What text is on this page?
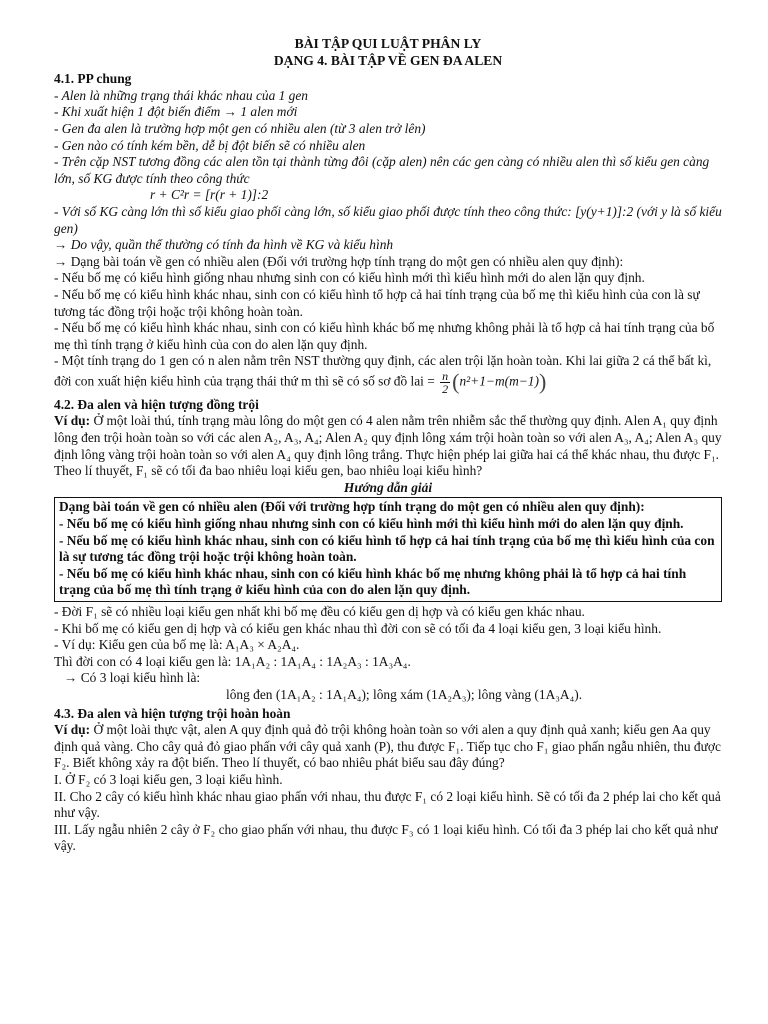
BÀI TẬP QUI LUẬT PHÂN LY

DẠNG 4. BÀI TẬP VỀ GEN ĐA ALEN

4.1. PP chung

- Alen là những trạng thái khác nhau của 1 gen

- Khi xuất hiện 1 đột biến điểm → 1 alen mới

- Gen đa alen là trường hợp một gen có nhiều alen (từ 3 alen trở lên)

- Gen nào có tính kém bền, dễ bị đột biến sẽ có nhiều alen

- Trên cặp NST tương đồng các alen tồn tại thành từng đôi (cặp alen) nên các gen càng có nhiều alen thì số kiểu gen càng lớn, số KG được tính theo công thức

r + C²r = [r(r + 1)]:2

- Với số KG càng lớn thì số kiểu giao phối càng lớn, số kiểu giao phối được tính theo công thức: [y(y+1)]:2 (với y là số kiểu gen)

→ Do vậy, quần thể thường có tính đa hình về KG và kiểu hình

→ Dạng bài toán về gen có nhiều alen (Đối với trường hợp tính trạng do một gen có nhiều alen quy định):

- Nếu bố mẹ có kiểu hình giống nhau nhưng sinh con có kiểu hình mới thì kiểu hình mới do alen lặn quy định.

- Nếu bố mẹ có kiểu hình khác nhau, sinh con có kiểu hình tổ hợp cả hai tính trạng của bố mẹ thì kiểu hình của con là sự tương tác đồng trội hoặc trội không hoàn toàn.

- Nếu bố mẹ có kiểu hình khác nhau, sinh con có kiểu hình khác bố mẹ nhưng không phải là tổ hợp cả hai tính trạng của bố mẹ thì tính trạng ở kiểu hình của con do alen lặn quy định.

- Một tính trạng do 1 gen có n alen nằm trên NST thường quy định, các alen trội lặn hoàn toàn. Khi lai giữa 2 cá thể bất kì, đời con xuất hiện kiểu hình của trạng thái thứ m thì sẽ có số sơ đồ lai = $\frac{n}{2} (n^2+1-m(m-1))$

4.2. Đa alen và hiện tượng đồng trội

Ví dụ: Ở một loài thú, tính trạng màu lông do một gen có 4 alen nằm trên nhiễm sắc thể thường quy định. Alen A₁ quy định lông đen trội hoàn toàn so với các alen A₂, A₃, A₄; Alen A₂ quy định lông xám trội hoàn toàn so với alen A₃, A₄; Alen A₃ quy định lông vàng trội hoàn toàn so với alen A₄ quy định lông trắng. Thực hiện phép lai giữa hai cá thể khác nhau, thu được F₁. Theo lí thuyết, F₁ sẽ có tối đa bao nhiêu loại kiểu gen, bao nhiêu loại kiểu hình?

Hướng dẫn giải

Dạng bài toán về gen có nhiều alen (Đối với trường hợp tính trạng do một gen có nhiều alen quy định):

- Nếu bố mẹ có kiểu hình giống nhau nhưng sinh con có kiểu hình mới thì kiểu hình mới do alen lặn quy định.

- Nếu bố mẹ có kiểu hình khác nhau, sinh con có kiểu hình tổ hợp cả hai tính trạng của bố mẹ thì kiểu hình của con là sự tương tác đồng trội hoặc trội không hoàn toàn.

- Nếu bố mẹ có kiểu hình khác nhau, sinh con có kiểu hình khác bố mẹ nhưng không phải là tổ hợp cả hai tính trạng của bố mẹ thì tính trạng ở kiểu hình của con do alen lặn quy định.

- Đời F₁ sẽ có nhiều loại kiểu gen nhất khi bố mẹ đều có kiểu gen dị hợp và có kiểu gen khác nhau.

- Khi bố mẹ có kiểu gen dị hợp và có kiểu gen khác nhau thì đời con sẽ có tối đa 4 loại kiểu gen, 3 loại kiểu hình.

- Ví dụ: Kiểu gen của bố mẹ là: A₁A₃ × A₂A₄.

Thì đời con có 4 loại kiểu gen là: 1A₁A₂ : 1A₁A₄ : 1A₂A₃ : 1A₃A₄.

→ Có 3 loại kiểu hình là:

lông đen (1A₁A₂ : 1A₁A₄); lông xám (1A₂A₃); lông vàng (1A₃A₄).

4.3. Đa alen và hiện tượng trội hoàn hoàn

Ví dụ: Ở một loài thực vật, alen A quy định quả đỏ trội không hoàn toàn so với alen a quy định quả xanh; kiểu gen Aa quy định quả vàng. Cho cây quả đỏ giao phấn với cây quả xanh (P), thu được F₁. Tiếp tục cho F₁ giao phấn ngẫu nhiên, thu được F₂. Biết không xảy ra đột biến. Theo lí thuyết, có bao nhiêu phát biểu sau đây đúng?

I. Ở F₂ có 3 loại kiểu gen, 3 loại kiểu hình.

II. Cho 2 cây có kiểu hình khác nhau giao phấn với nhau, thu được F₁ có 2 loại kiểu hình. Sẽ có tối đa 2 phép lai cho kết quả như vậy.

III. Lấy ngẫu nhiên 2 cây ở F₂ cho giao phấn với nhau, thu được F₃ có 1 loại kiểu hình. Có tối đa 3 phép lai cho kết quả như vậy.
